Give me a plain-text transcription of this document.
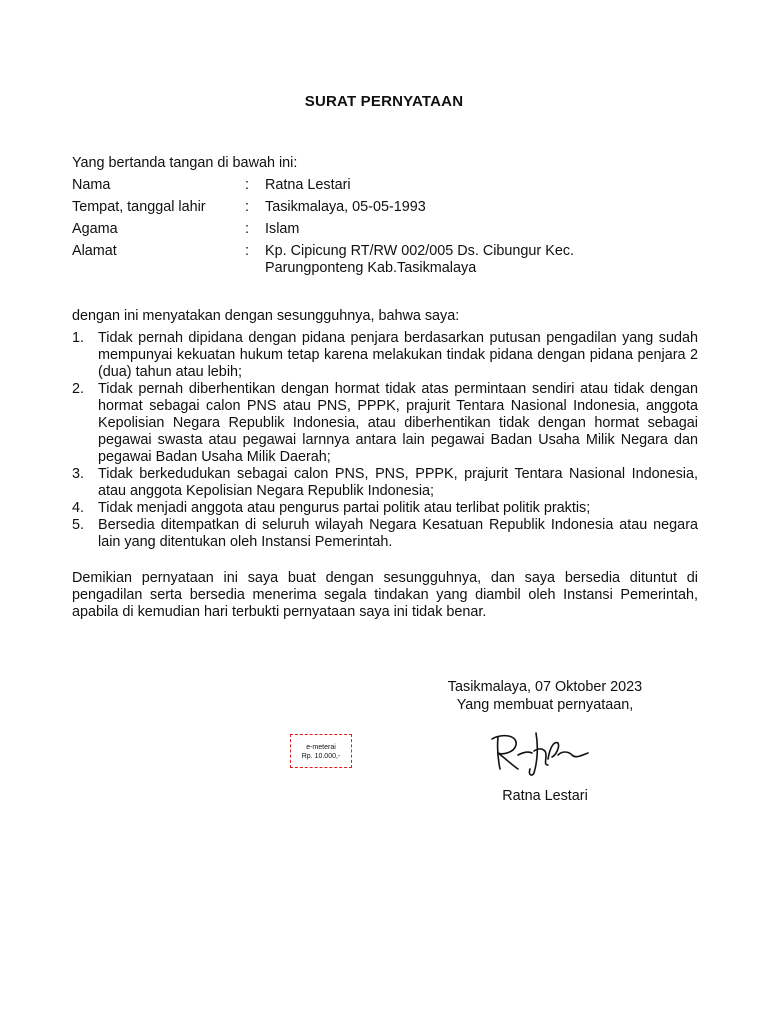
SURAT PERNYATAAN
Yang bertanda tangan di bawah ini:
Nama	:	Ratna Lestari
Tempat, tanggal lahir	:	Tasikmalaya, 05-05-1993
Agama	:	Islam
Alamat	:	Kp. Cipicung RT/RW 002/005 Ds. Cibungur Kec.
Parungponteng Kab.Tasikmalaya
dengan ini menyatakan dengan sesungguhnya, bahwa saya:
1. Tidak pernah dipidana dengan pidana penjara berdasarkan putusan pengadilan yang sudah mempunyai kekuatan hukum tetap karena melakukan tindak pidana dengan pidana penjara 2 (dua) tahun atau lebih;
2. Tidak pernah diberhentikan dengan hormat tidak atas permintaan sendiri atau tidak dengan hormat sebagai calon PNS atau PNS, PPPK, prajurit Tentara Nasional Indonesia, anggota Kepolisian Negara Republik Indonesia, atau diberhentikan tidak dengan hormat sebagai pegawai swasta atau pegawai larnnya antara lain pegawai Badan Usaha Milik Negara dan pegawai Badan Usaha Milik Daerah;
3. Tidak berkedudukan sebagai calon PNS, PNS, PPPK, prajurit Tentara Nasional Indonesia, atau anggota Kepolisian Negara Republik Indonesia;
4. Tidak menjadi anggota atau pengurus partai politik atau terlibat politik praktis;
5. Bersedia ditempatkan di seluruh wilayah Negara Kesatuan Republik Indonesia atau negara lain yang ditentukan oleh Instansi Pemerintah.
Demikian pernyataan ini saya buat dengan sesungguhnya, dan saya bersedia dituntut di pengadilan serta bersedia menerima segala tindakan yang diambil oleh Instansi Pemerintah, apabila di kemudian hari terbukti pernyataan saya ini tidak benar.
Tasikmalaya, 07 Oktober 2023
Yang membuat pernyataan,
e-meterai
Rp. 10.000,-
Ratna Lestari
